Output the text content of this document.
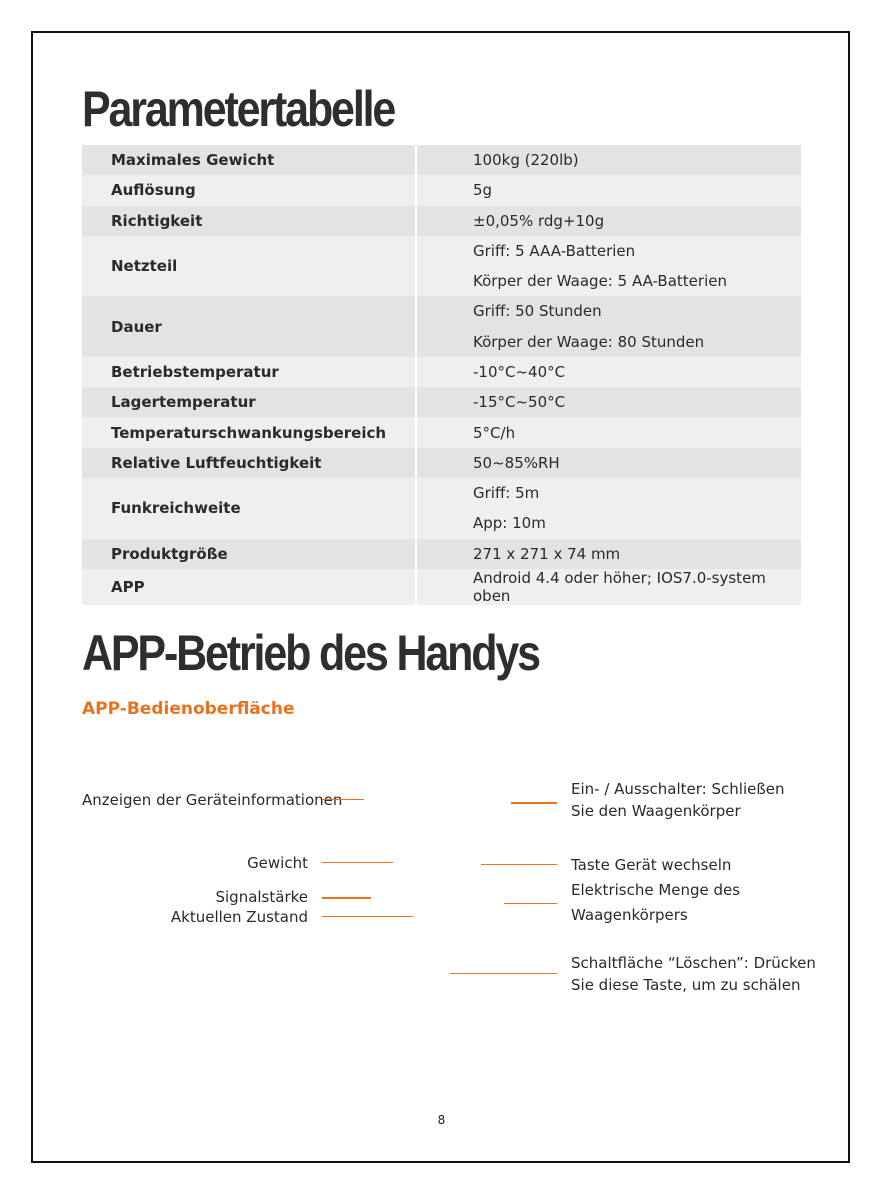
Parametertabelle
Maximales Gewicht	100kg (220lb)

Auflösung	5g

Richtigkeit	±0,05% rdg+10g

Netzteil	Griff: 5 AAA-Batterien
Körper der Waage: 5 AA-Batterien

Dauer	Griff: 50 Stunden
Körper der Waage: 80 Stunden

Betriebstemperatur	-10°C~40°C

Lagertemperatur	-15°C~50°C

Temperaturschwankungsbereich	5°C/h

Relative Luftfeuchtigkeit	50~85%RH

Funkreichweite	Griff: 5m
App: 10m

Produktgröße	271 x 271 x 74 mm

APP	Android 4.4 oder höher; IOS7.0-system oben
APP-Betrieb des Handys
APP-Bedienoberfläche
Anzeigen der Geräteinformationen
Gewicht
Signalstärke
Aktuellen Zustand
Ein- / Ausschalter: Schließen
Sie den Waagenkörper
Taste Gerät wechseln
Elektrische Menge des
Waagenkörpers
Schaltfläche “Löschen”: Drücken
Sie diese Taste, um zu schälen
8
